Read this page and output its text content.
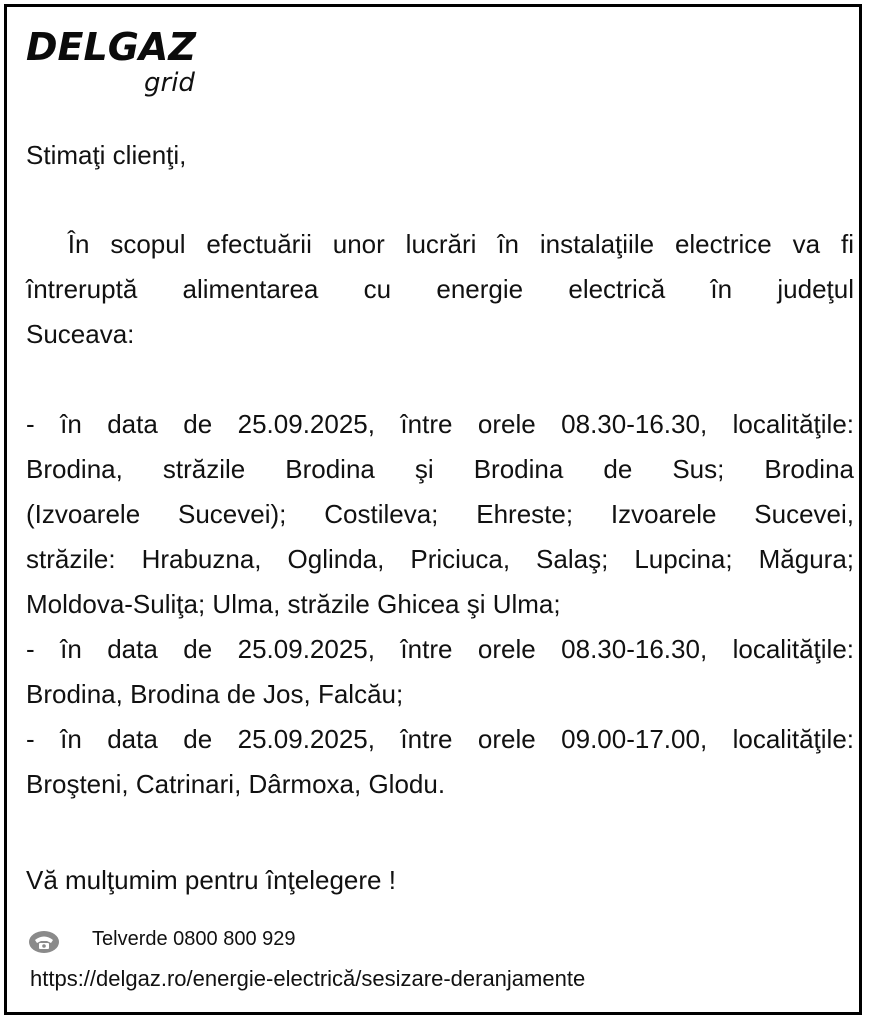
DELGAZ
grid
Stimaţi clienţi,
În scopul efectuării unor lucrări în instalaţiile electrice va fi
întreruptă alimentarea cu energie electrică în judeţul
Suceava:
- în data de 25.09.2025, între orele 08.30-16.30, localităţile:
Brodina, străzile Brodina şi Brodina de Sus; Brodina
(Izvoarele Sucevei); Costileva; Ehreste; Izvoarele Sucevei,
străzile: Hrabuzna, Oglinda, Priciuca, Salaş; Lupcina; Măgura;
Moldova-Suliţa; Ulma, străzile Ghicea şi Ulma;
- în data de 25.09.2025, între orele 08.30-16.30, localităţile:
Brodina, Brodina de Jos, Falcău;
- în data de 25.09.2025, între orele 09.00-17.00, localităţile:
Broşteni, Catrinari, Dârmoxa, Glodu.
Vă mulţumim pentru înţelegere !
Telverde 0800 800 929
https://delgaz.ro/energie-electrică/sesizare-deranjamente
